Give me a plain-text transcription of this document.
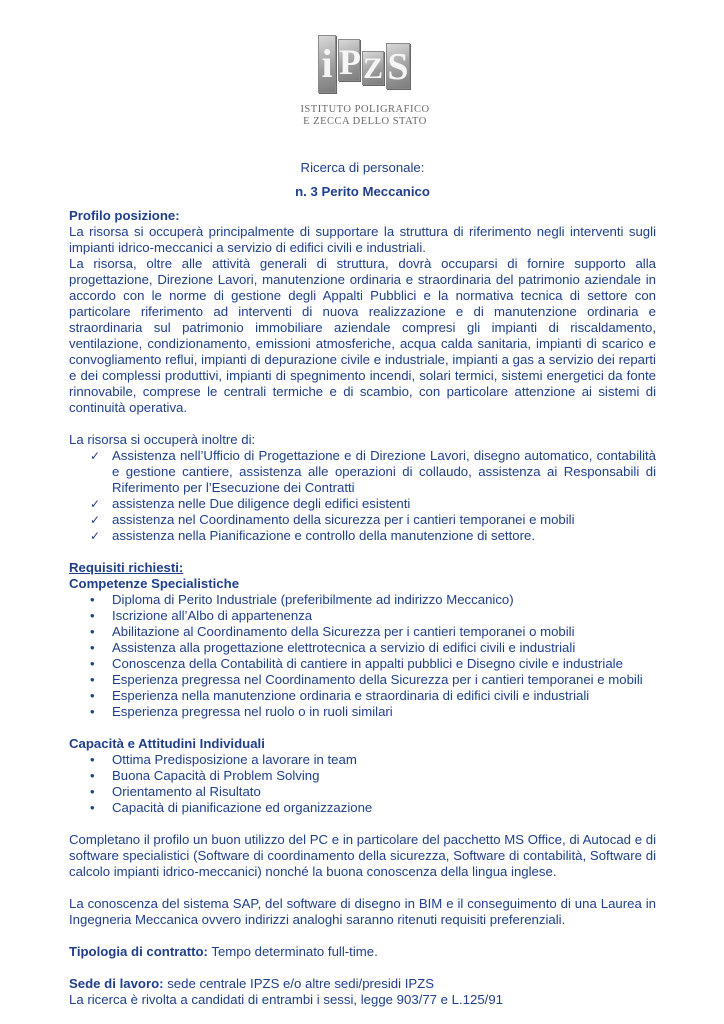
i P Z S
ISTITUTO POLIGRAFICO
E ZECCA DELLO STATO

Ricerca di personale:

n. 3 Perito Meccanico

Profilo posizione:

La risorsa si occuperà principalmente di supportare la struttura di riferimento negli interventi sugli impianti idrico-meccanici a servizio di edifici civili e industriali.

La risorsa, oltre alle attività generali di struttura, dovrà occuparsi di fornire supporto alla progettazione, Direzione Lavori, manutenzione ordinaria e straordinaria del patrimonio aziendale in accordo con le norme di gestione degli Appalti Pubblici e la normativa tecnica di settore con particolare riferimento ad interventi di nuova realizzazione e di manutenzione ordinaria e straordinaria sul patrimonio immobiliare aziendale compresi gli impianti di riscaldamento, ventilazione, condizionamento, emissioni atmosferiche, acqua calda sanitaria, impianti di scarico e convogliamento reflui, impianti di depurazione civile e industriale, impianti a gas a servizio dei reparti e dei complessi produttivi, impianti di spegnimento incendi, solari termici, sistemi energetici da fonte rinnovabile, comprese le centrali termiche e di scambio, con particolare attenzione ai sistemi di continuità operativa.

La risorsa si occuperà inoltre di:

✓ Assistenza nell’Ufficio di Progettazione e di Direzione Lavori, disegno automatico, contabilità e gestione cantiere, assistenza alle operazioni di collaudo, assistenza ai Responsabili di Riferimento per l’Esecuzione dei Contratti
✓ assistenza nelle Due diligence degli edifici esistenti
✓ assistenza nel Coordinamento della sicurezza per i cantieri temporanei e mobili
✓ assistenza nella Pianificazione e controllo della manutenzione di settore.

Requisiti richiesti:

Competenze Specialistiche

• Diploma di Perito Industriale (preferibilmente ad indirizzo Meccanico)
• Iscrizione all’Albo di appartenenza
• Abilitazione al Coordinamento della Sicurezza per i cantieri temporanei o mobili
• Assistenza alla progettazione elettrotecnica a servizio di edifici civili e industriali
• Conoscenza della Contabilità di cantiere in appalti pubblici e Disegno civile e industriale
• Esperienza pregressa nel Coordinamento della Sicurezza per i cantieri temporanei e mobili
• Esperienza nella manutenzione ordinaria e straordinaria di edifici civili e industriali
• Esperienza pregressa nel ruolo o in ruoli similari

Capacità e Attitudini Individuali

• Ottima Predisposizione a lavorare in team
• Buona Capacità di Problem Solving
• Orientamento al Risultato
• Capacità di pianificazione ed organizzazione

Completano il profilo un buon utilizzo del PC e in particolare del pacchetto MS Office, di Autocad e di software specialistici (Software di coordinamento della sicurezza, Software di contabilità, Software di calcolo impianti idrico-meccanici) nonché la buona conoscenza della lingua inglese.

La conoscenza del sistema SAP, del software di disegno in BIM e il conseguimento di una Laurea in Ingegneria Meccanica ovvero indirizzi analoghi saranno ritenuti requisiti preferenziali.

Tipologia di contratto: Tempo determinato full-time.

Sede di lavoro: sede centrale IPZS e/o altre sedi/presidi IPZS

La ricerca è rivolta a candidati di entrambi i sessi, legge 903/77 e L.125/91
